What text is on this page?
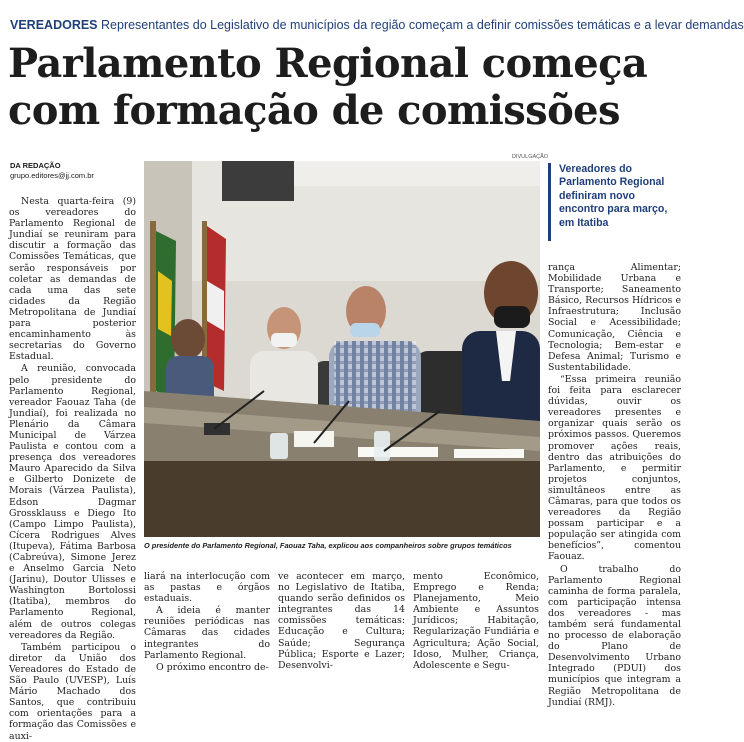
VEREADORES Representantes do Legislativo de municípios da região começam a definir comissões temáticas e a levar demandas
Parlamento Regional começa
com formação de comissões
DA REDAÇÃO
grupo.editores@jj.com.br
DIVULGAÇÃO

Nesta quarta-feira (9) os vereadores do Parlamento Regional de Jundiaí se reuniram para discutir a formação das Comissões Temáticas, que serão responsáveis por coletar as demandas de cada uma das sete cidades da Região Metropolitana de Jundiaí para posterior encaminhamento às secretarias do Governo Estadual.

A reunião, convocada pelo presidente do Parlamento Regional, vereador Faouaz Taha (de Jundiaí), foi realizada no Plenário da Câmara Municipal de Várzea Paulista e contou com a presença dos vereadores Mauro Aparecido da Silva e Gilberto Donizete de Morais (Várzea Paulista), Edson Dagmar Grossklauss e Diego Ito (Campo Limpo Paulista), Cícera Rodrigues Alves (Itupeva), Fátima Barbosa (Cabreúva), Simone Jerez e Anselmo Garcia Neto (Jarinu), Doutor Ulisses e Washington Bortolossi (Itatiba), membros do Parlamento Regional, além de outros colegas vereadores da Região.

Também participou o diretor da União dos Vereadores do Estado de São Paulo (UVESP), Luís Mário Machado dos Santos, que contribuiu com orientações para a formação das Comissões e auxi-

O presidente do Parlamento Regional, Faouaz Taha, explicou aos companheiros sobre grupos temáticos
Vereadores do Parlamento Regional definiram novo encontro para março, em Itatiba

liará na interlocução com as pastas e órgãos estaduais.

A ideia é manter reuniões periódicas nas Câmaras das cidades integrantes do Parlamento Regional.

O próximo encontro de-

ve acontecer em março, no Legislativo de Itatiba, quando serão definidos os integrantes das 14 comissões temáticas: Educação e Cultura; Saúde; Segurança Pública; Esporte e Lazer; Desenvolvi-

mento Econômico, Emprego e Renda; Planejamento, Meio Ambiente e Assuntos Jurídicos; Habitação, Regularização Fundiária e Agricultura; Ação Social, Idoso, Mulher, Criança, Adolescente e Segu-

rança Alimentar; Mobilidade Urbana e Transporte; Saneamento Básico, Recursos Hídricos e Infraestrutura; Inclusão Social e Acessibilidade; Comunicação, Ciência e Tecnologia; Bem-estar e Defesa Animal; Turismo e Sustentabilidade.

“Essa primeira reunião foi feita para esclarecer dúvidas, ouvir os vereadores presentes e organizar quais serão os próximos passos. Queremos promover ações reais, dentro das atribuições do Parlamento, e permitir projetos conjuntos, simultâneos entre as Câmaras, para que todos os vereadores da Região possam participar e a população ser atingida com benefícios”, comentou Faouaz.

O trabalho do Parlamento Regional caminha de forma paralela, com participação intensa dos vereadores - mas também será fundamental no processo de elaboração do Plano de Desenvolvimento Urbano Integrado (PDUI) dos municípios que integram a Região Metropolitana de Jundiaí (RMJ).
